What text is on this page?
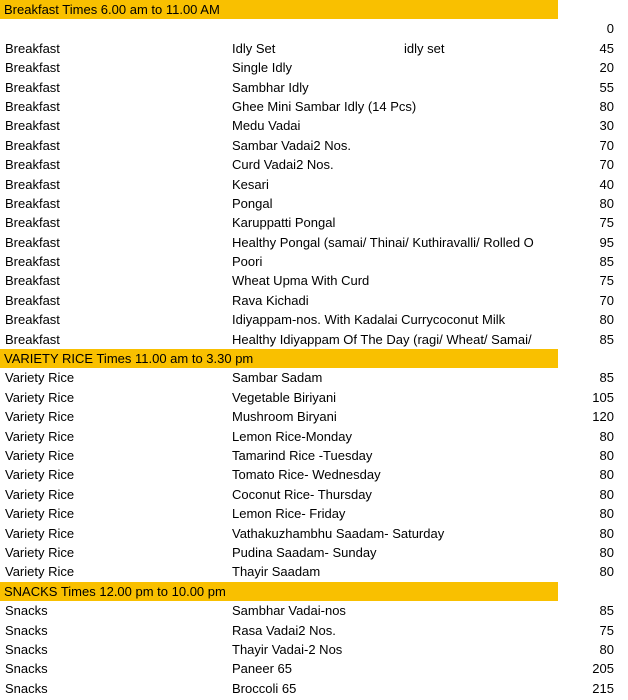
Breakfast Times 6.00 am to 11.00 AM
0
Breakfast	Idly Set	idly set	45
Breakfast	Single Idly	20
Breakfast	Sambhar Idly	55
Breakfast	Ghee Mini Sambar Idly (14 Pcs)	80
Breakfast	Medu Vadai	30
Breakfast	Sambar Vadai2 Nos.	70
Breakfast	Curd Vadai2 Nos.	70
Breakfast	Kesari	40
Breakfast	Pongal	80
Breakfast	Karuppatti Pongal	75
Breakfast	Healthy Pongal (samai/ Thinai/ Kuthiravalli/ Rolled O	95
Breakfast	Poori	85
Breakfast	Wheat Upma With Curd	75
Breakfast	Rava Kichadi	70
Breakfast	Idiyappam-nos. With Kadalai Currycoconut Milk	80
Breakfast	Healthy Idiyappam Of The Day (ragi/ Wheat/ Samai/	85
VARIETY RICE Times 11.00 am to 3.30 pm
Variety Rice	Sambar Sadam	85
Variety Rice	Vegetable Biriyani	105
Variety Rice	Mushroom Biryani	120
Variety Rice	Lemon Rice-Monday	80
Variety Rice	Tamarind Rice -Tuesday	80
Variety Rice	Tomato Rice- Wednesday	80
Variety Rice	Coconut Rice- Thursday	80
Variety Rice	Lemon Rice- Friday	80
Variety Rice	Vathakuzhambhu Saadam- Saturday	80
Variety Rice	Pudina Saadam- Sunday	80
Variety Rice	Thayir Saadam	80
SNACKS Times 12.00 pm to 10.00 pm
Snacks	Sambhar Vadai-nos	85
Snacks	Rasa Vadai2 Nos.	75
Snacks	Thayir Vadai-2 Nos	80
Snacks	Paneer 65	205
Snacks	Broccoli 65	215
